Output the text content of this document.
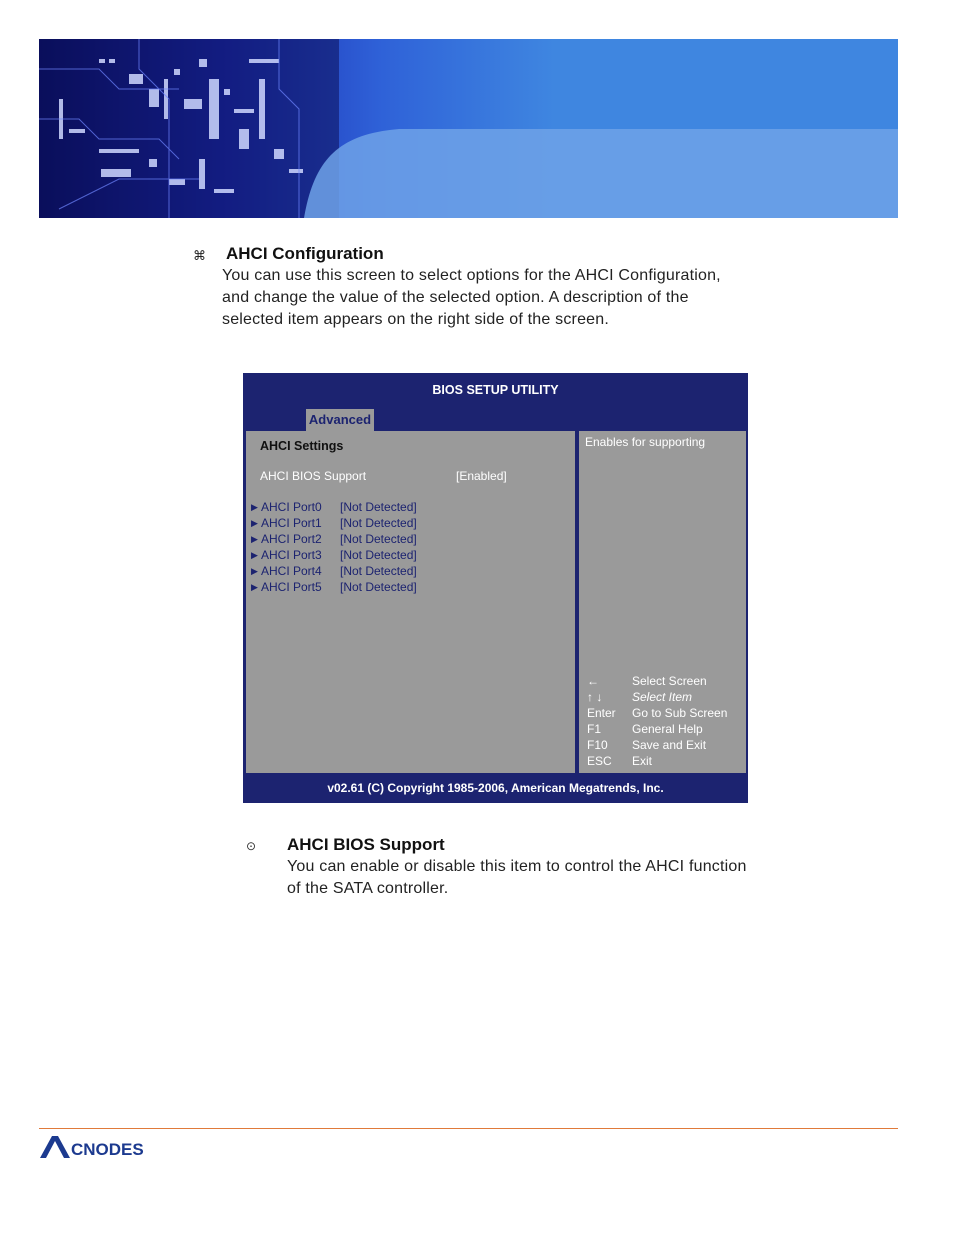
⌘ AHCI Configuration
You can use this screen to select options for the AHCI Configuration, and change the value of the selected option. A description of the selected item appears on the right side of the screen.
BIOS SETUP UTILITY
Advanced
AHCI Settings
AHCI BIOS Support	[Enabled]
▶ AHCI Port0 [Not Detected]
▶ AHCI Port1 [Not Detected]
▶ AHCI Port2 [Not Detected]
▶ AHCI Port3 [Not Detected]
▶ AHCI Port4 [Not Detected]
▶ AHCI Port5 [Not Detected]
Enables for supporting
←	Select Screen
↑ ↓ Select Item
Enter Go to Sub Screen
F1	General Help
F10 Save and Exit
ESC Exit
v02.61 (C) Copyright 1985-2006, American Megatrends, Inc.
⊙ AHCI BIOS Support
You can enable or disable this item to control the AHCI function of the SATA controller.
CNODES
